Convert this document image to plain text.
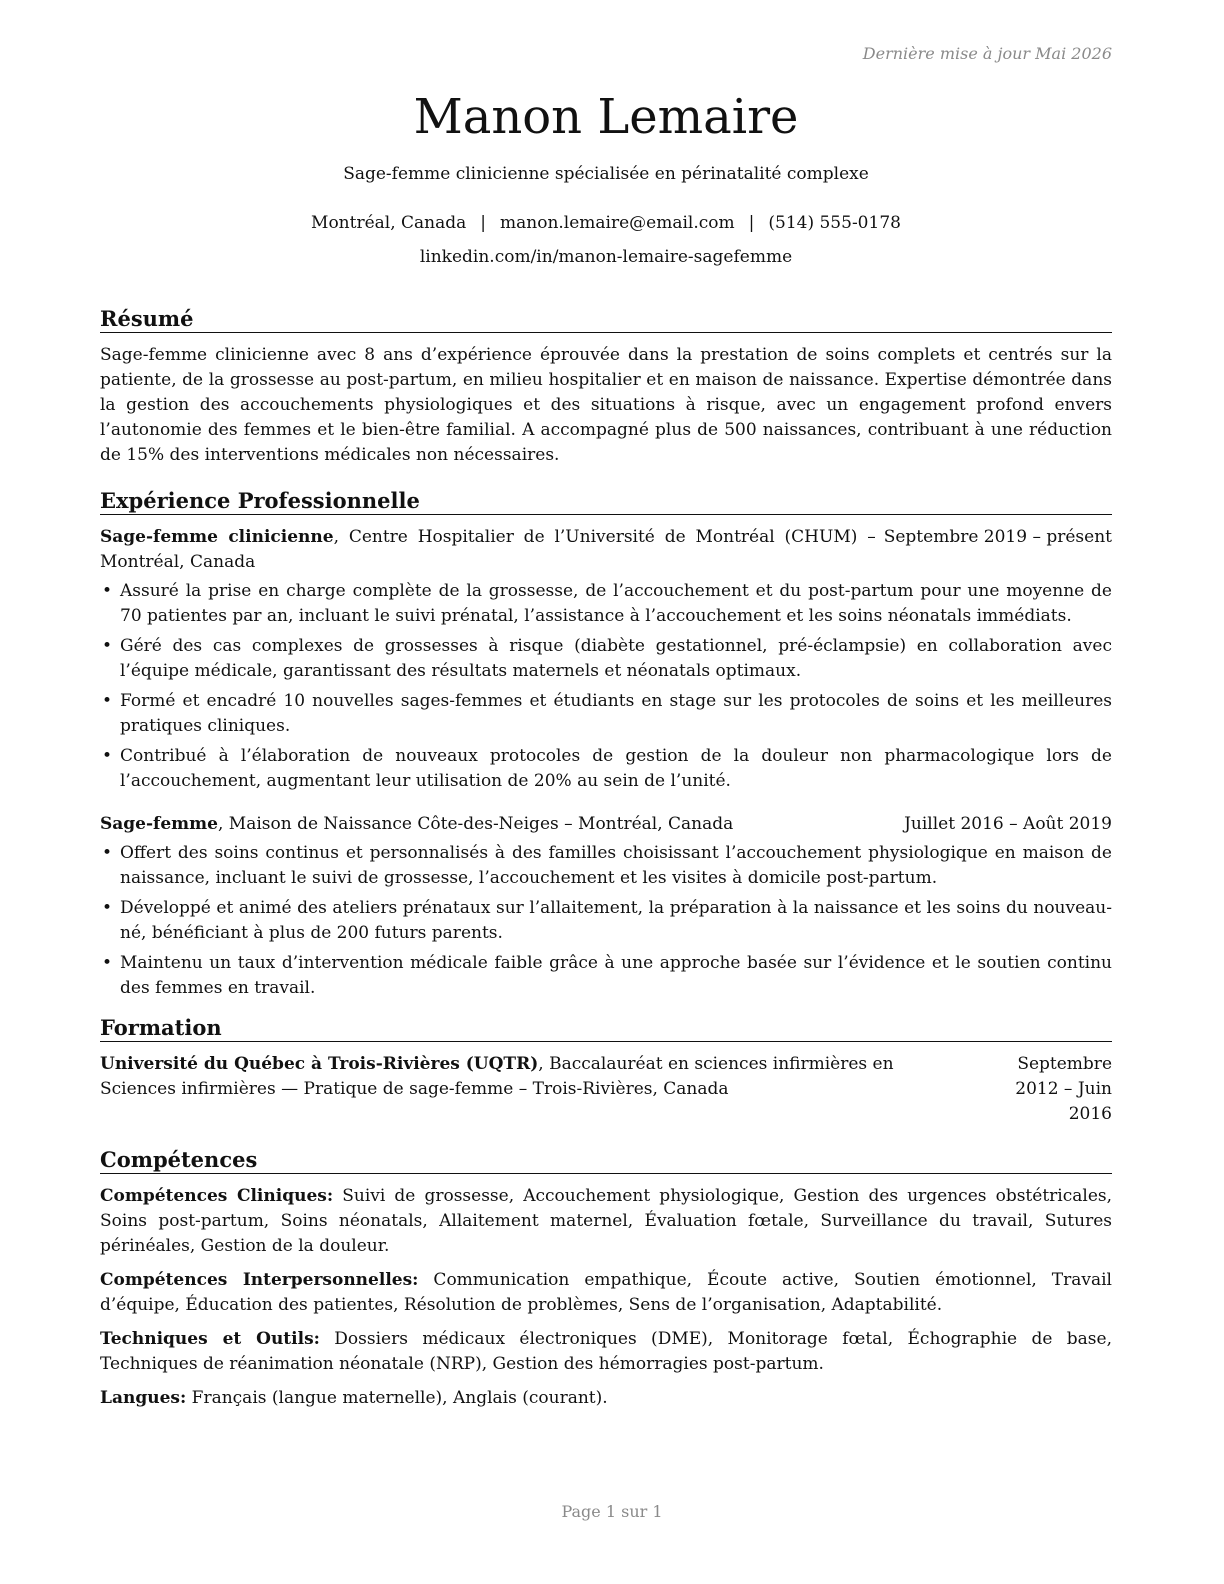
Dernière mise à jour Mai 2026
Manon Lemaire
Sage-femme clinicienne spécialisée en périnatalité complexe
Montréal, Canada | manon.lemaire@email.com | (514) 555-0178
linkedin.com/in/manon-lemaire-sagefemme
Résumé
Sage-femme clinicienne avec 8 ans d’expérience éprouvée dans la prestation de soins complets et centrés sur la patiente, de la grossesse au post-partum, en milieu hospitalier et en maison de naissance. Expertise démontrée dans la gestion des accouchements physiologiques et des situations à risque, avec un engagement profond envers l’autonomie des femmes et le bien-être familial. A accompagné plus de 500 naissances, contribuant à une réduction de 15% des interventions médicales non nécessaires.
Expérience Professionnelle
Sage-femme clinicienne, Centre Hospitalier de l’Université de Montréal (CHUM) – Montréal, Canada
Septembre 2019 – présent
• Assuré la prise en charge complète de la grossesse, de l’accouchement et du post-partum pour une moyenne de 70 patientes par an, incluant le suivi prénatal, l’assistance à l’accouchement et les soins néonatals immédiats.
• Géré des cas complexes de grossesses à risque (diabète gestationnel, pré-éclampsie) en collaboration avec l’équipe médicale, garantissant des résultats maternels et néonatals optimaux.
• Formé et encadré 10 nouvelles sages-femmes et étudiants en stage sur les protocoles de soins et les meilleures pratiques cliniques.
• Contribué à l’élaboration de nouveaux protocoles de gestion de la douleur non pharmacologique lors de l’accouchement, augmentant leur utilisation de 20% au sein de l’unité.
Sage-femme, Maison de Naissance Côte-des-Neiges – Montréal, Canada	Juillet 2016 – Août 2019
• Offert des soins continus et personnalisés à des familles choisissant l’accouchement physiologique en maison de naissance, incluant le suivi de grossesse, l’accouchement et les visites à domicile post-partum.
• Développé et animé des ateliers prénataux sur l’allaitement, la préparation à la naissance et les soins du nouveau-né, bénéficiant à plus de 200 futurs parents.
• Maintenu un taux d’intervention médicale faible grâce à une approche basée sur l’évidence et le soutien continu des femmes en travail.
Formation
Université du Québec à Trois-Rivières (UQTR), Baccalauréat en sciences infirmières en Sciences infirmières — Pratique de sage-femme – Trois-Rivières, Canada
Septembre 2012 – Juin 2016
Compétences
Compétences Cliniques: Suivi de grossesse, Accouchement physiologique, Gestion des urgences obstétricales, Soins post-partum, Soins néonatals, Allaitement maternel, Évaluation fœtale, Surveillance du travail, Sutures périnéales, Gestion de la douleur.
Compétences Interpersonnelles: Communication empathique, Écoute active, Soutien émotionnel, Travail d’équipe, Éducation des patientes, Résolution de problèmes, Sens de l’organisation, Adaptabilité.
Techniques et Outils: Dossiers médicaux électroniques (DME), Monitorage fœtal, Échographie de base, Techniques de réanimation néonatale (NRP), Gestion des hémorragies post-partum.
Langues: Français (langue maternelle), Anglais (courant).
Page 1 sur 1
